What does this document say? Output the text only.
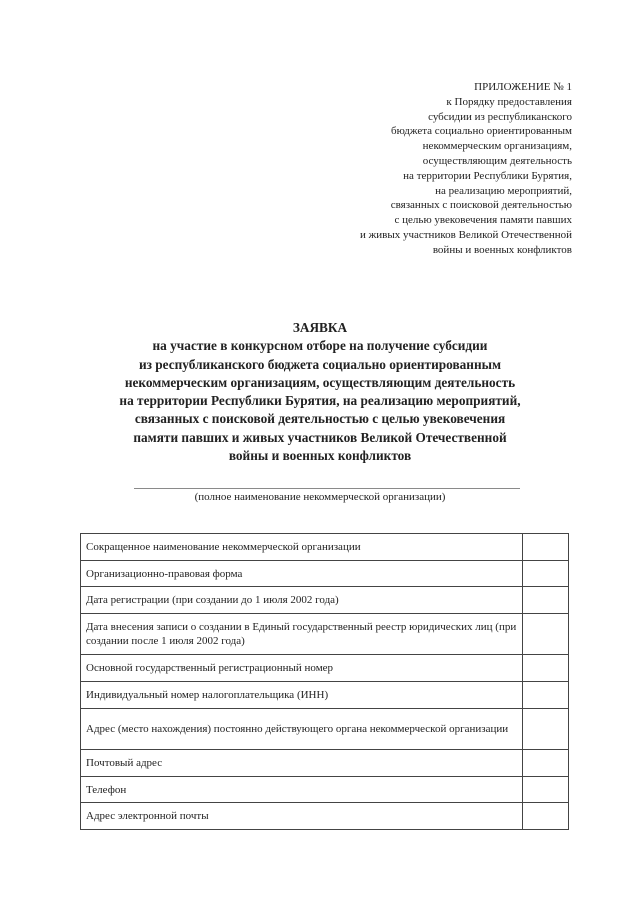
ПРИЛОЖЕНИЕ № 1
к Порядку предоставления
субсидии из республиканского
бюджета социально ориентированным
некоммерческим организациям,
осуществляющим деятельность
на территории Республики Бурятия,
на реализацию мероприятий,
связанных с поисковой деятельностью
с целью увековечения памяти павших
и живых участников Великой Отечественной
войны и военных конфликтов
ЗАЯВКА
на участие в конкурсном отборе на получение субсидии
из республиканского бюджета социально ориентированным
некоммерческим организациям, осуществляющим деятельность
на территории Республики Бурятия, на реализацию мероприятий,
связанных с поисковой деятельностью с целью увековечения
памяти павших и живых участников Великой Отечественной
войны и военных конфликтов
(полное наименование некоммерческой организации)
Сокращенное наименование некоммерческой организации	
Организационно-правовая форма	
Дата регистрации (при создании до 1 июля 2002 года)	
Дата внесения записи о создании в Единый государственный реестр юридических лиц (при создании после 1 июля 2002 года)	
Основной государственный регистрационный номер	
Индивидуальный номер налогоплательщика (ИНН)	
Адрес (место нахождения) постоянно действующего органа некоммерческой организации	
Почтовый адрес	
Телефон	
Адрес электронной почты	
